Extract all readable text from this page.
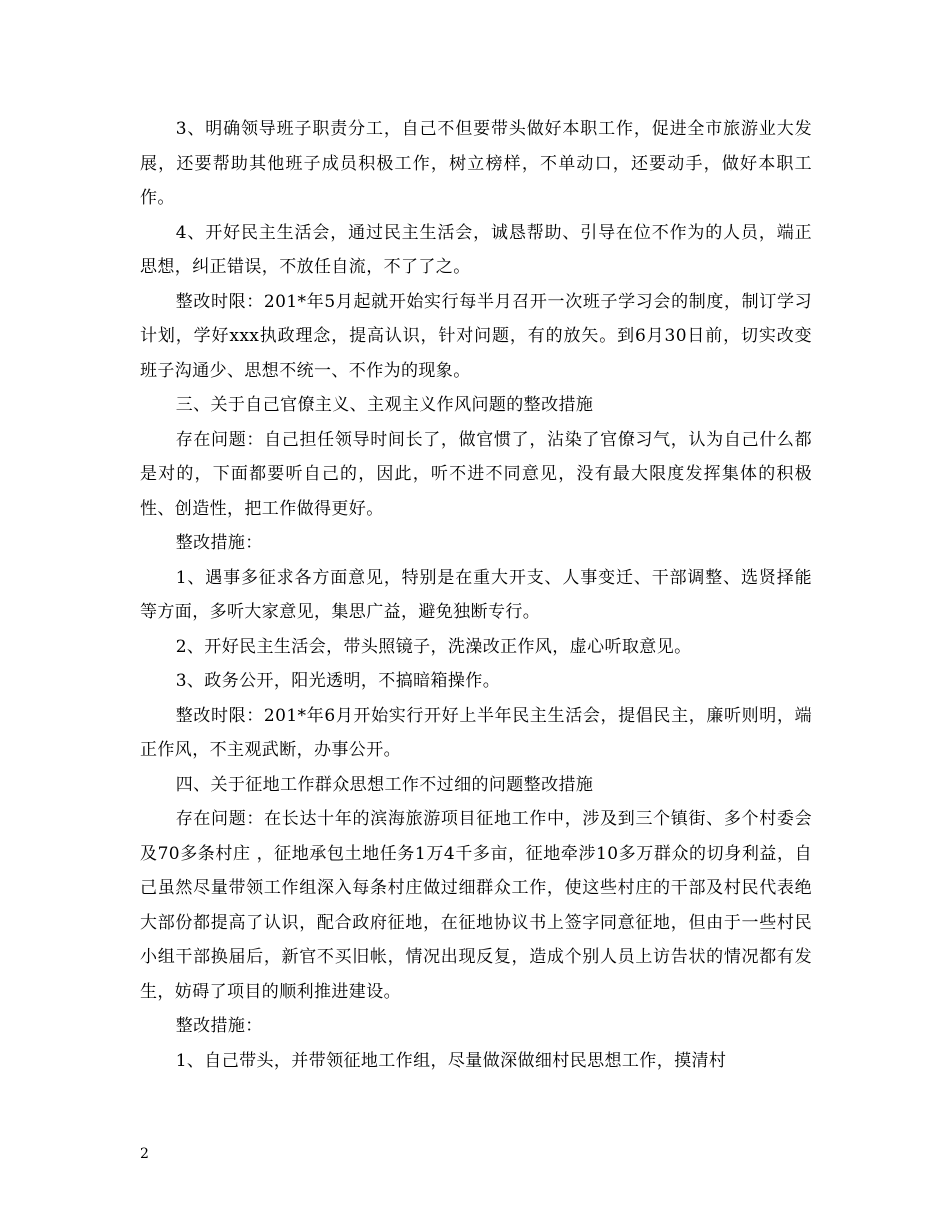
3、明确领导班子职责分工，自己不但要带头做好本职工作，促进全市旅游业大发展，还要帮助其他班子成员积极工作，树立榜样，不单动口，还要动手，做好本职工作。

4、开好民主生活会，通过民主生活会，诚恳帮助、引导在位不作为的人员，端正思想，纠正错误，不放任自流，不了了之。

整改时限：201*年5月起就开始实行每半月召开一次班子学习会的制度，制订学习计划，学好xxx执政理念，提高认识，针对问题，有的放矢。到6月30日前，切实改变班子沟通少、思想不统一、不作为的现象。

三、关于自己官僚主义、主观主义作风问题的整改措施

存在问题：自己担任领导时间长了，做官惯了，沾染了官僚习气，认为自己什么都是对的，下面都要听自己的，因此，听不进不同意见，没有最大限度发挥集体的积极性、创造性，把工作做得更好。

整改措施：

1、遇事多征求各方面意见，特别是在重大开支、人事变迁、干部调整、选贤择能等方面，多听大家意见，集思广益，避免独断专行。

2、开好民主生活会，带头照镜子，洗澡改正作风，虚心听取意见。

3、政务公开，阳光透明，不搞暗箱操作。

整改时限：201*年6月开始实行开好上半年民主生活会，提倡民主，廉听则明，端正作风，不主观武断，办事公开。

四、关于征地工作群众思想工作不过细的问题整改措施

存在问题：在长达十年的滨海旅游项目征地工作中，涉及到三个镇街、多个村委会及70多条村庄 ，征地承包土地任务1万4千多亩，征地牵涉10多万群众的切身利益，自己虽然尽量带领工作组深入每条村庄做过细群众工作，使这些村庄的干部及村民代表绝大部份都提高了认识，配合政府征地，在征地协议书上签字同意征地，但由于一些村民小组干部换届后，新官不买旧帐，情况出现反复，造成个别人员上访告状的情况都有发生，妨碍了项目的顺利推进建设。

整改措施：

1、自己带头，并带领征地工作组，尽量做深做细村民思想工作，摸清村

2
